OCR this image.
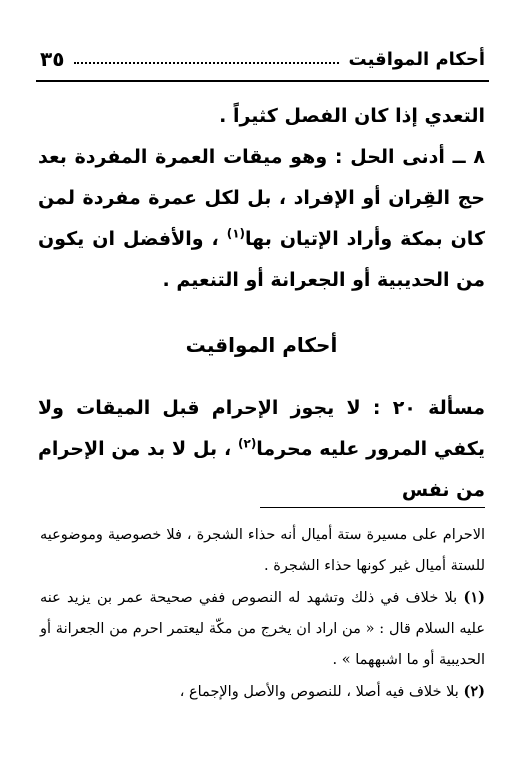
أحكام المواقيت
٣٥

التعدي إذا كان الفصل كثيراً .

٨ ــ أدنى الحل : وهو ميقات العمرة المفردة بعد حج القِران أو الإفراد ، بل لكل عمرة مفردة لمن كان بمكة وأراد الإتيان بها$^{(١)}$ ، والأفضل ان يكون من الحديبية أو الجعرانة أو التنعيم .

أحكام المواقيت

مسألة ٢٠ : لا يجوز الإحرام قبل الميقات ولا يكفي المرور عليه محرما$^{(٢)}$ ، بل لا بد من الإحرام من نفس

الاحرام على مسيرة ستة أميال أنه حذاء الشجرة ، فلا خصوصية وموضوعيه للستة أميال غير كونها حذاء الشجرة .

(١) بلا خلاف في ذلك وتشهد له النصوص ففي صحيحة عمر بن يزيد عنه عليه السلام قال : « من اراد ان يخرج من مكّة ليعتمر احرم من الجعرانة أو الحديبية أو ما اشبههما » .

(٢) بلا خلاف فيه أصلا ، للنصوص والأصل والإجماع ،
